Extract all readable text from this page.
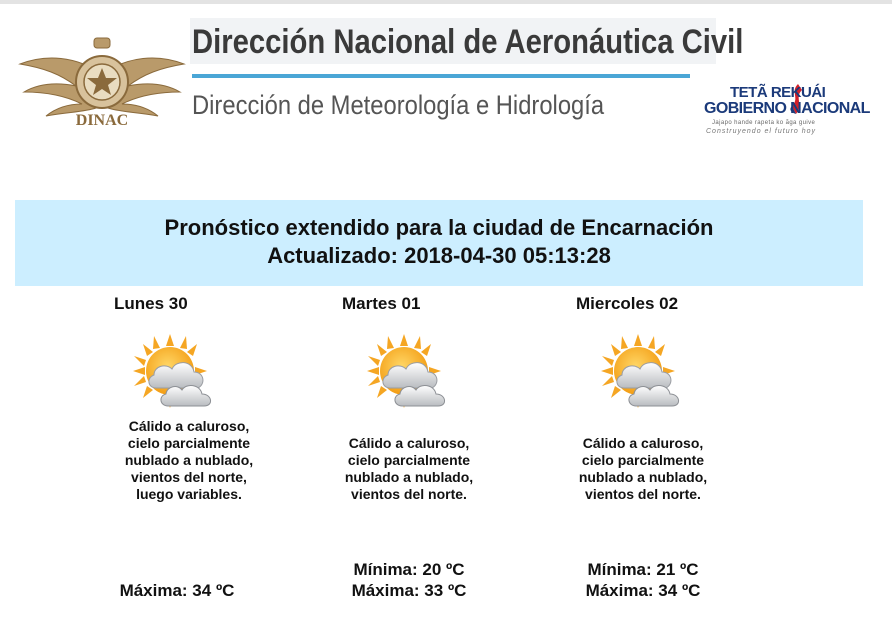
DINAC
Dirección Nacional de Aeronáutica Civil
Dirección de Meteorología e Hidrología	TETÃ REKUÁI
GOBIERNO NACIONAL
Jajapo hande rapeta ko ãga guive
Construyendo el futuro hoy
Pronóstico extendido para la ciudad de Encarnación
Actualizado: 2018-04-30 05:13:28
Lunes 30
Cálido a caluroso, cielo parcialmente nublado a nublado, vientos del norte, luego variables.
Máxima: 34 ºC
Martes 01
Cálido a caluroso, cielo parcialmente nublado a nublado, vientos del norte.
Mínima: 20 ºC
Máxima: 33 ºC
Miercoles 02
Cálido a caluroso, cielo parcialmente nublado a nublado, vientos del norte.
Mínima: 21 ºC
Máxima: 34 ºC
